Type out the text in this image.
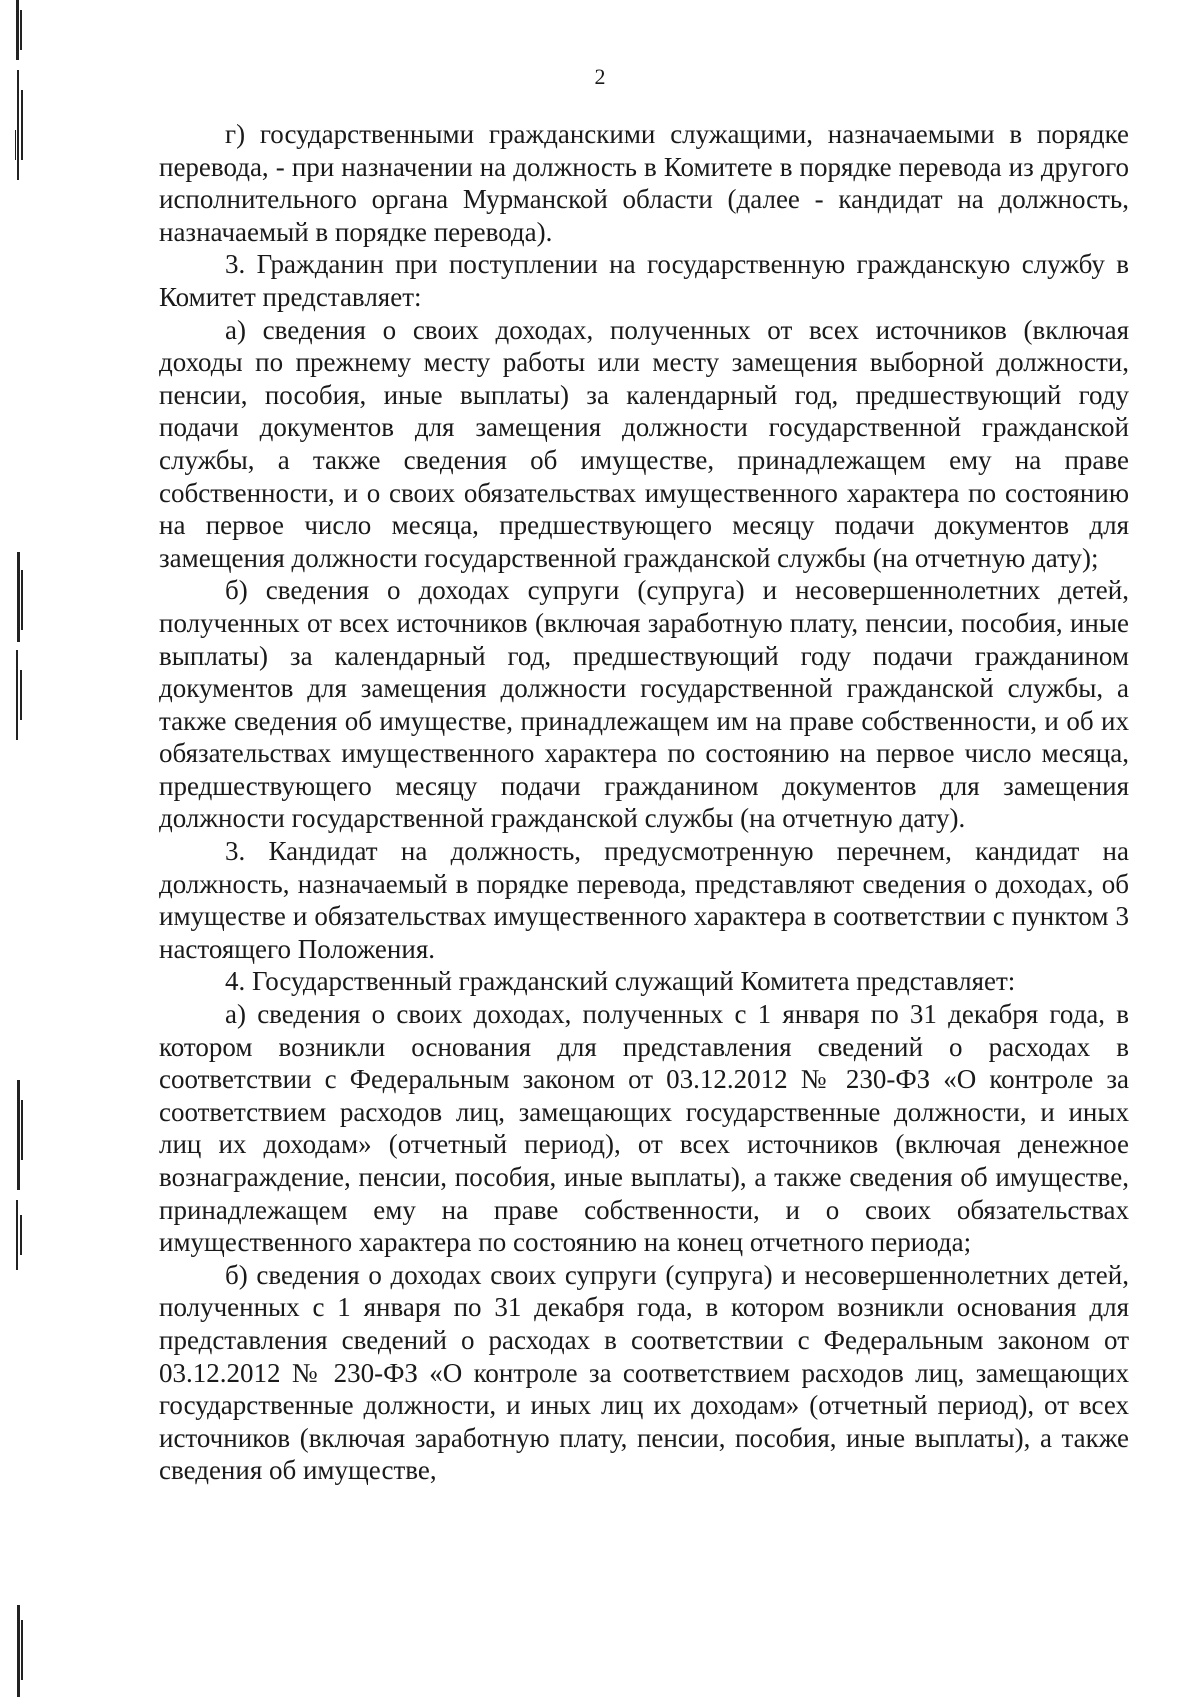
2

г) государственными гражданскими служащими, назначаемыми в порядке перевода, - при назначении на должность в Комитете в порядке перевода из другого исполнительного органа Мурманской области (далее - кандидат на должность, назначаемый в порядке перевода).

3. Гражданин при поступлении на государственную гражданскую службу в Комитет представляет:

а) сведения о своих доходах, полученных от всех источников (включая доходы по прежнему месту работы или месту замещения выборной должности, пенсии, пособия, иные выплаты) за календарный год, предшествующий году подачи документов для замещения должности государственной гражданской службы, а также сведения об имуществе, принадлежащем ему на праве собственности, и о своих обязательствах имущественного характера по состоянию на первое число месяца, предшествующего месяцу подачи документов для замещения должности государственной гражданской службы (на отчетную дату);

б) сведения о доходах супруги (супруга) и несовершеннолетних детей, полученных от всех источников (включая заработную плату, пенсии, пособия, иные выплаты) за календарный год, предшествующий году подачи гражданином документов для замещения должности государственной гражданской службы, а также сведения об имуществе, принадлежащем им на праве собственности, и об их обязательствах имущественного характера по состоянию на первое число месяца, предшествующего месяцу подачи гражданином документов для замещения должности государственной гражданской службы (на отчетную дату).

3. Кандидат на должность, предусмотренную перечнем, кандидат на должность, назначаемый в порядке перевода, представляют сведения о доходах, об имуществе и обязательствах имущественного характера в соответствии с пунктом 3 настоящего Положения.

4. Государственный гражданский служащий Комитета представляет:

а) сведения о своих доходах, полученных с 1 января по 31 декабря года, в котором возникли основания для представления сведений о расходах в соответствии с Федеральным законом от 03.12.2012 № 230-ФЗ «О контроле за соответствием расходов лиц, замещающих государственные должности, и иных лиц их доходам» (отчетный период), от всех источников (включая денежное вознаграждение, пенсии, пособия, иные выплаты), а также сведения об имуществе, принадлежащем ему на праве собственности, и о своих обязательствах имущественного характера по состоянию на конец отчетного периода;

б) сведения о доходах своих супруги (супруга) и несовершеннолетних детей, полученных с 1 января по 31 декабря года, в котором возникли основания для представления сведений о расходах в соответствии с Федеральным законом от 03.12.2012 № 230-ФЗ «О контроле за соответствием расходов лиц, замещающих государственные должности, и иных лиц их доходам» (отчетный период), от всех источников (включая заработную плату, пенсии, пособия, иные выплаты), а также сведения об имуществе,
